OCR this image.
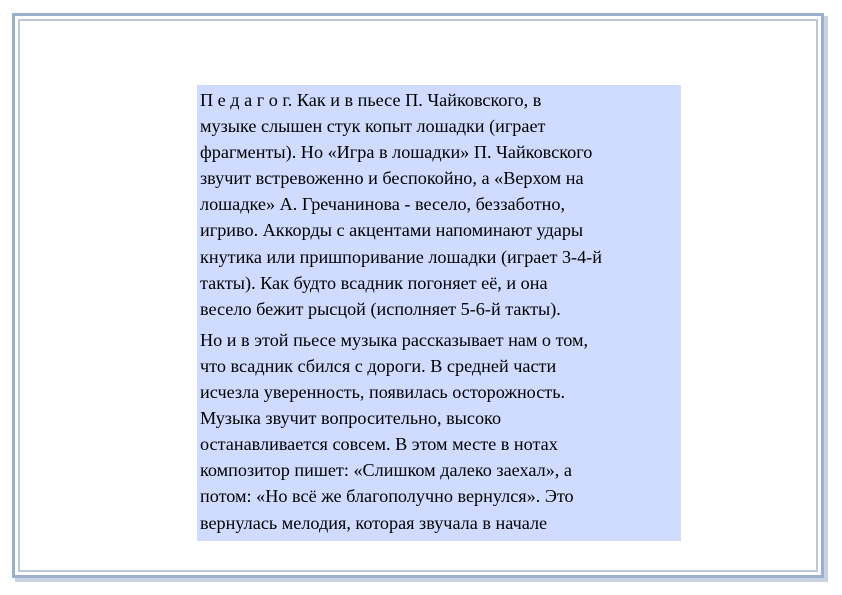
П е д а г о г. Как и в пьесе П. Чайковского, в
музыке слышен стук копыт лошадки (играет
фрагменты). Но «Игра в лошадки» П. Чайковского
звучит встревоженно и беспокойно, а «Верхом на
лошадке» А. Гречанинова - весело, беззаботно,
игриво. Аккорды с акцентами напоминают удары
кнутика или пришпоривание лошадки (играет 3-4-й
такты). Как будто всадник погоняет её, и она
весело бежит рысцой (исполняет 5-6-й такты).

Но и в этой пьесе музыка рассказывает нам о том,
что всадник сбился с дороги. В средней части
исчезла уверенность, появилась осторожность.
Музыка звучит вопросительно, высоко
останавливается совсем. В этом месте в нотах
композитор пишет: «Слишком далеко заехал», а
потом: «Но всё же благополучно вернулся». Это
вернулась мелодия, которая звучала в начале
